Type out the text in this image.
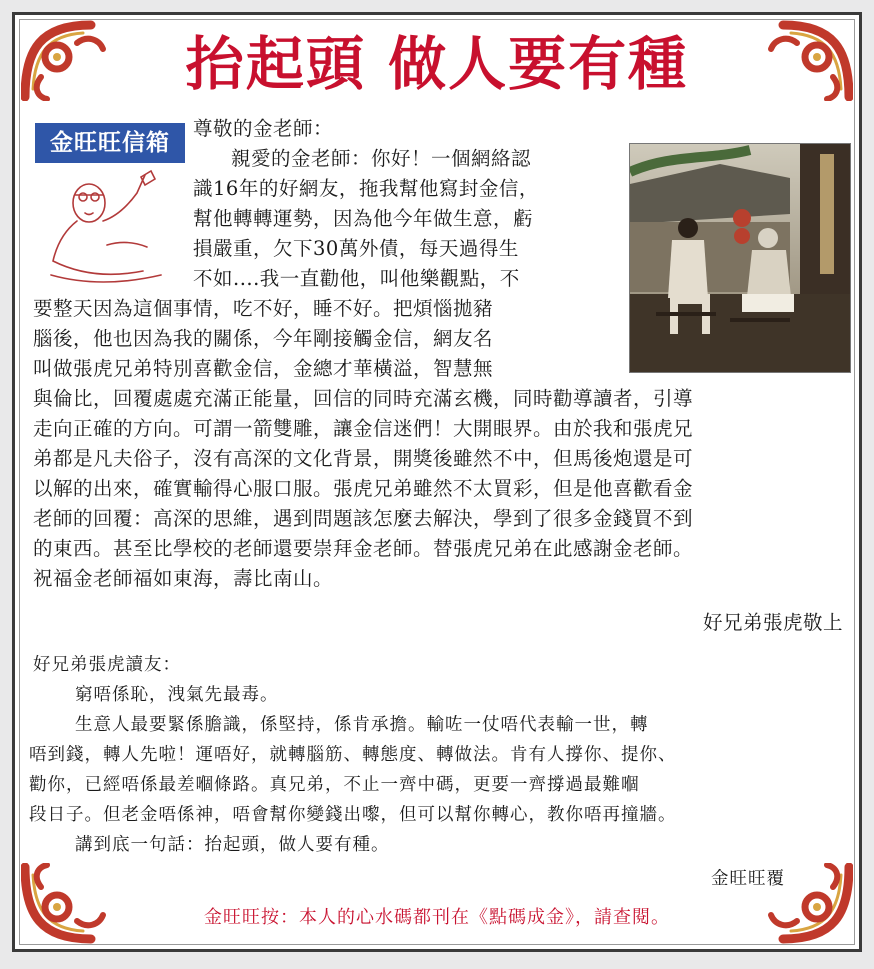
抬起頭 做人要有種
金旺旺信箱
尊敬的金老師：
親愛的金老師：你好！一個網絡認
識16年的好網友，拖我幫他寫封金信，
幫他轉轉運勢，因為他今年做生意，虧
損嚴重，欠下30萬外債，每天過得生
不如....我一直勸他，叫他樂觀點，不
要整天因為這個事情，吃不好，睡不好。把煩惱拋豬
腦後，他也因為我的關係，今年剛接觸金信，網友名
叫做張虎兄弟特別喜歡金信，金總才華橫溢，智慧無
與倫比，回覆處處充滿正能量，回信的同時充滿玄機，同時勸導讀者，引導
走向正確的方向。可謂一箭雙雕，讓金信迷們！大開眼界。由於我和張虎兄
弟都是凡夫俗子，沒有高深的文化背景，開獎後雖然不中，但馬後炮還是可
以解的出來，確實輸得心服口服。張虎兄弟雖然不太買彩，但是他喜歡看金
老師的回覆：高深的思維，遇到問題該怎麼去解決，學到了很多金錢買不到
的東西。甚至比學校的老師還要崇拜金老師。替張虎兄弟在此感謝金老師。
祝福金老師福如東海，壽比南山。
好兄弟張虎敬上
好兄弟張虎讀友：
窮唔係恥，洩氣先最毒。
生意人最要緊係膽識，係堅持，係肯承擔。輸咗一仗唔代表輸一世，轉
唔到錢，轉人先啦！運唔好，就轉腦筋、轉態度、轉做法。肯有人撐你、提你、
勸你，已經唔係最差嗰條路。真兄弟，不止一齊中碼，更要一齊撐過最難嗰
段日子。但老金唔係神，唔會幫你變錢出嚟，但可以幫你轉心，教你唔再撞牆。
講到底一句話：抬起頭，做人要有種。
金旺旺覆
金旺旺按：本人的心水碼都刊在《點碼成金》，請查閱。
